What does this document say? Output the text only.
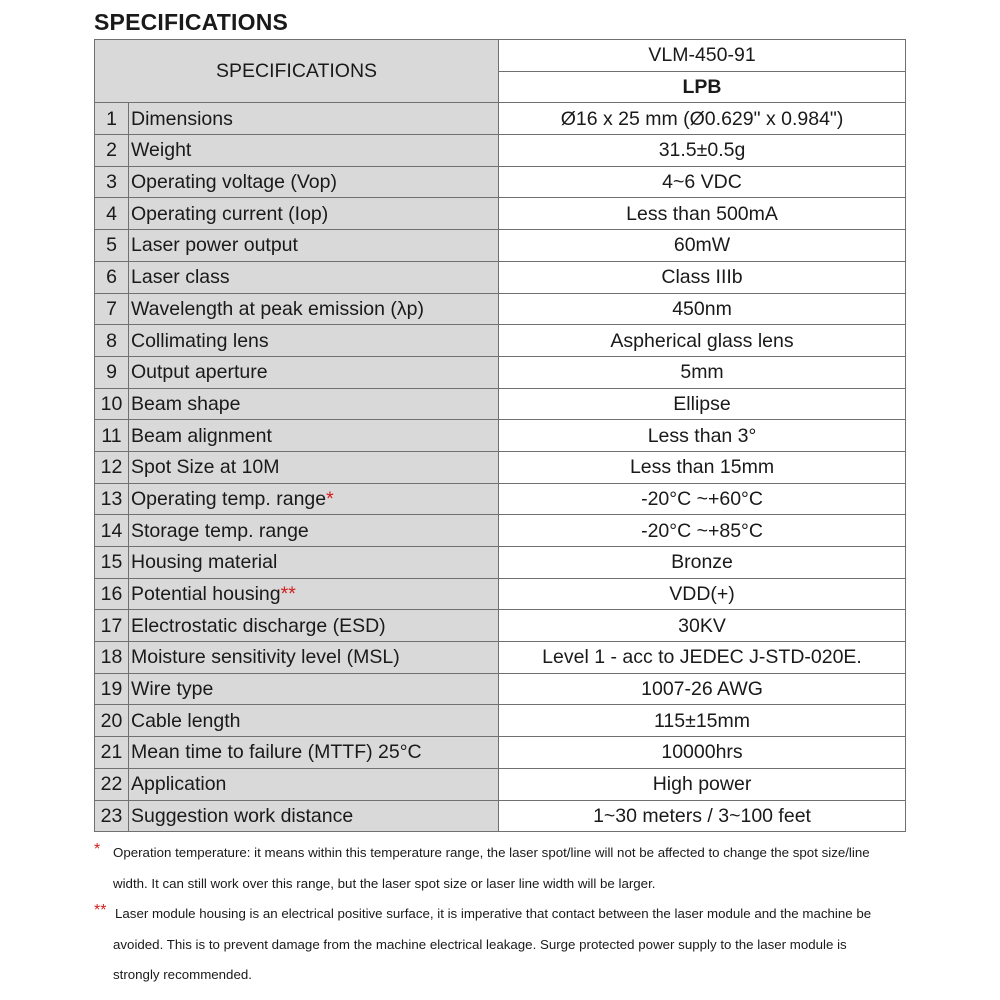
SPECIFICATIONS
SPECIFICATIONS		VLM-450-91
		LPB
1	Dimensions	Ø16 x 25 mm (Ø0.629" x 0.984")
2	Weight	31.5±0.5g
3	Operating voltage (Vop)	4~6 VDC
4	Operating current (Iop)	Less than 500mA
5	Laser power output	60mW
6	Laser class	Class IIIb
7	Wavelength at peak emission (λp)	450nm
8	Collimating lens	Aspherical glass lens
9	Output aperture	5mm
10	Beam shape	Ellipse
11	Beam alignment	Less than 3°
12	Spot Size at 10M	Less than 15mm
13	Operating temp. range*	-20°C ~+60°C
14	Storage temp. range	-20°C ~+85°C
15	Housing material	Bronze
16	Potential housing**	VDD(+)
17	Electrostatic discharge (ESD)	30KV
18	Moisture sensitivity level (MSL)	Level 1 - acc to JEDEC J-STD-020E.
19	Wire type	1007-26 AWG
20	Cable length	115±15mm
21	Mean time to failure (MTTF) 25°C	10000hrs
22	Application	High power
23	Suggestion work distance	1~30 meters / 3~100 feet
* Operation temperature: it means within this temperature range, the laser spot/line will not be affected to change the spot size/line
width. It can still work over this range, but the laser spot size or laser line width will be larger.
** Laser module housing is an electrical positive surface, it is imperative that contact between the laser module and the machine be
avoided. This is to prevent damage from the machine electrical leakage. Surge protected power supply to the laser module is
strongly recommended.
